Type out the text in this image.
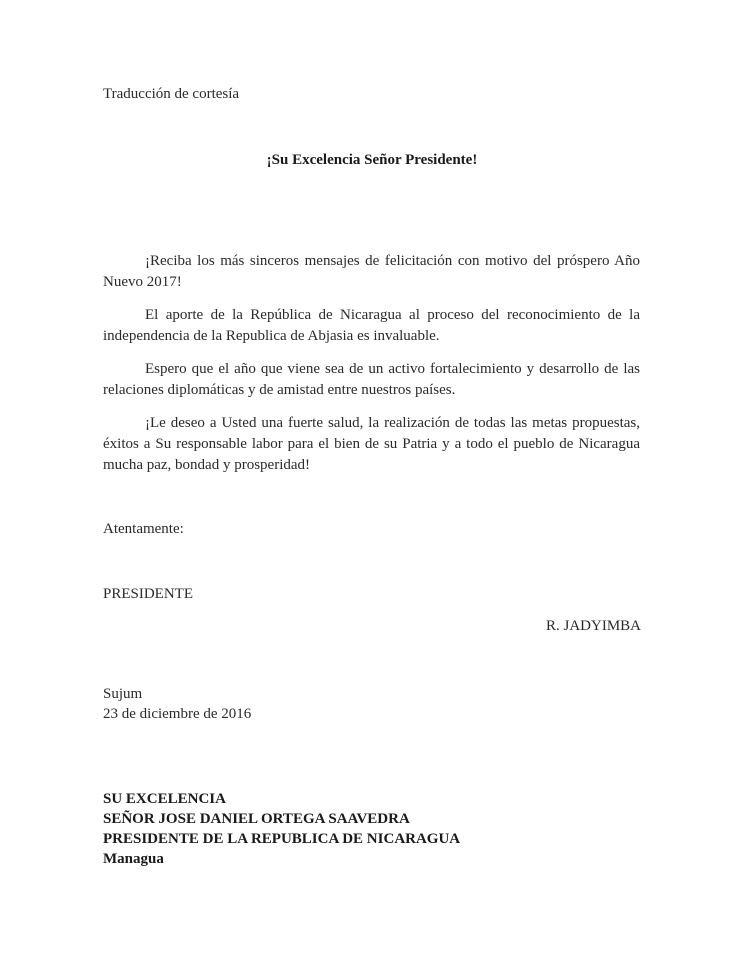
Traducción de cortesía
¡Su Excelencia Señor Presidente!

¡Reciba los más sinceros mensajes de felicitación con motivo del próspero Año Nuevo 2017!

El aporte de la República de Nicaragua al proceso del reconocimiento de la independencia de la Republica de Abjasia es invaluable.

Espero que el año que viene sea de un activo fortalecimiento y desarrollo de las relaciones diplomáticas y de amistad entre nuestros países.

¡Le deseo a Usted una fuerte salud, la realización de todas las metas propuestas, éxitos a Su responsable labor para el bien de su Patria y a todo el pueblo de Nicaragua mucha paz, bondad y prosperidad!

Atentamente:
PRESIDENTE
R. JADYIMBA
Sujum
23 de diciembre de 2016
SU EXCELENCIA
SEÑOR JOSE DANIEL ORTEGA SAAVEDRA
PRESIDENTE DE LA REPUBLICA DE NICARAGUA
Managua
